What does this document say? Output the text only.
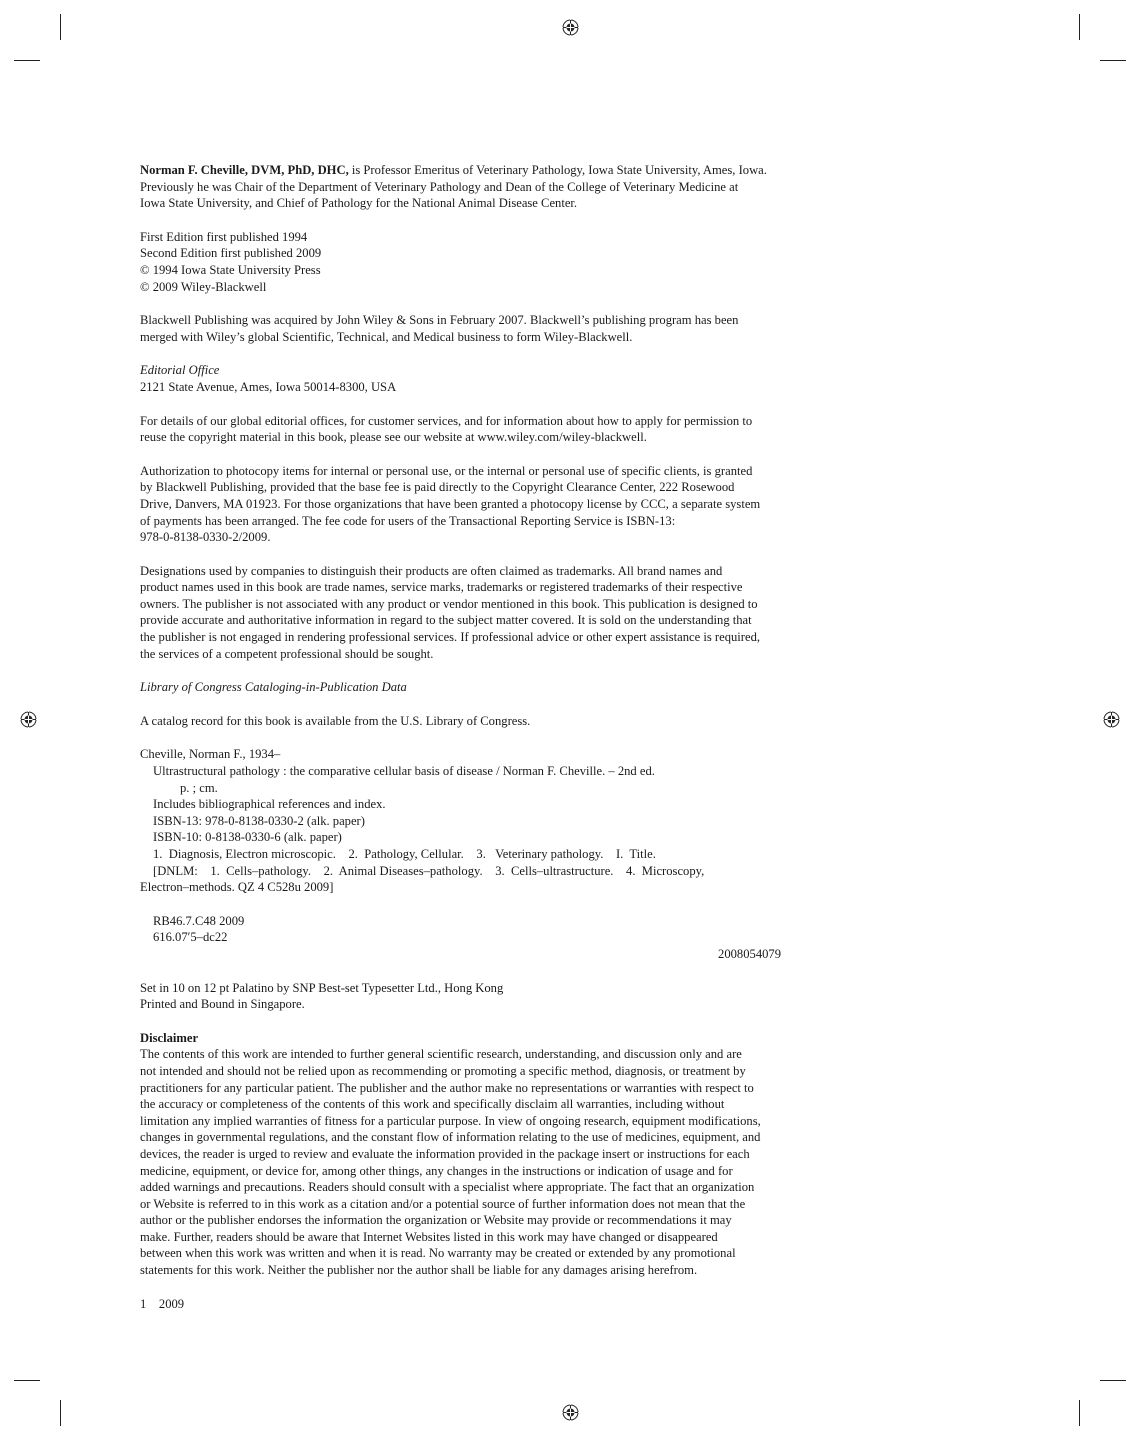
Norman F. Cheville, DVM, PhD, DHC, is Professor Emeritus of Veterinary Pathology, Iowa State University, Ames, Iowa.
Previously he was Chair of the Department of Veterinary Pathology and Dean of the College of Veterinary Medicine at
Iowa State University, and Chief of Pathology for the National Animal Disease Center.
First Edition first published 1994
Second Edition first published 2009
© 1994 Iowa State University Press
© 2009 Wiley-Blackwell
Blackwell Publishing was acquired by John Wiley & Sons in February 2007. Blackwell’s publishing program has been
merged with Wiley’s global Scientific, Technical, and Medical business to form Wiley-Blackwell.
Editorial Office
2121 State Avenue, Ames, Iowa 50014-8300, USA
For details of our global editorial offices, for customer services, and for information about how to apply for permission to
reuse the copyright material in this book, please see our website at www.wiley.com/wiley-blackwell.
Authorization to photocopy items for internal or personal use, or the internal or personal use of specific clients, is granted
by Blackwell Publishing, provided that the base fee is paid directly to the Copyright Clearance Center, 222 Rosewood
Drive, Danvers, MA 01923. For those organizations that have been granted a photocopy license by CCC, a separate system
of payments has been arranged. The fee code for users of the Transactional Reporting Service is ISBN-13:
978-0-8138-0330-2/2009.
Designations used by companies to distinguish their products are often claimed as trademarks. All brand names and
product names used in this book are trade names, service marks, trademarks or registered trademarks of their respective
owners. The publisher is not associated with any product or vendor mentioned in this book. This publication is designed to
provide accurate and authoritative information in regard to the subject matter covered. It is sold on the understanding that
the publisher is not engaged in rendering professional services. If professional advice or other expert assistance is required,
the services of a competent professional should be sought.
Library of Congress Cataloging-in-Publication Data
A catalog record for this book is available from the U.S. Library of Congress.
Cheville, Norman F., 1934–
Ultrastructural pathology : the comparative cellular basis of disease / Norman F. Cheville. – 2nd ed.
p. ; cm.
Includes bibliographical references and index.
ISBN-13: 978-0-8138-0330-2 (alk. paper)
ISBN-10: 0-8138-0330-6 (alk. paper)
1.  Diagnosis, Electron microscopic.    2.  Pathology, Cellular.    3.   Veterinary pathology.    I.  Title.
[DNLM:    1.  Cells–pathology.    2.  Animal Diseases–pathology.    3.  Cells–ultrastructure.    4.  Microscopy,
Electron–methods. QZ 4 C528u 2009]
RB46.7.C48 2009
616.07′5–dc22
2008054079
Set in 10 on 12 pt Palatino by SNP Best-set Typesetter Ltd., Hong Kong
Printed and Bound in Singapore.
Disclaimer
The contents of this work are intended to further general scientific research, understanding, and discussion only and are
not intended and should not be relied upon as recommending or promoting a specific method, diagnosis, or treatment by
practitioners for any particular patient. The publisher and the author make no representations or warranties with respect to
the accuracy or completeness of the contents of this work and specifically disclaim all warranties, including without
limitation any implied warranties of fitness for a particular purpose. In view of ongoing research, equipment modifications,
changes in governmental regulations, and the constant flow of information relating to the use of medicines, equipment, and
devices, the reader is urged to review and evaluate the information provided in the package insert or instructions for each
medicine, equipment, or device for, among other things, any changes in the instructions or indication of usage and for
added warnings and precautions. Readers should consult with a specialist where appropriate. The fact that an organization
or Website is referred to in this work as a citation and/or a potential source of further information does not mean that the
author or the publisher endorses the information the organization or Website may provide or recommendations it may
make. Further, readers should be aware that Internet Websites listed in this work may have changed or disappeared
between when this work was written and when it is read. No warranty may be created or extended by any promotional
statements for this work. Neither the publisher nor the author shall be liable for any damages arising herefrom.
1    2009
